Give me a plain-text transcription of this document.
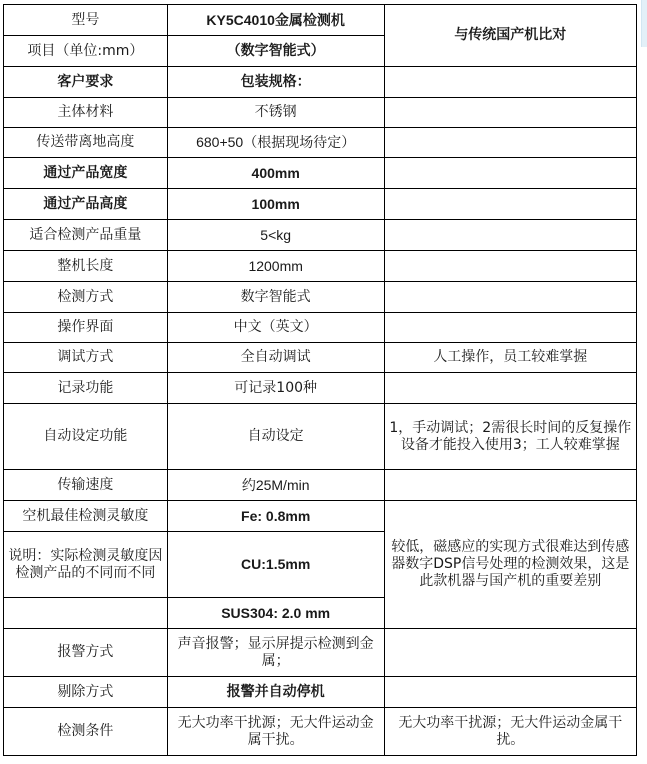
型号	KY5C4010金属检测机	与传统国产机比对
项目（单位:mm）	（数字智能式）	
客户要求	包装规格：	
主体材料	不锈钢	
传送带离地高度	680+50（根据现场待定）	
通过产品宽度	400mm	
通过产品高度	100mm	
适合检测产品重量	5<kg	
整机长度	1200mm	
检测方式	数字智能式	
操作界面	中文（英文）	
调试方式	全自动调试	人工操作，员工较难掌握
记录功能	可记录100种	
自动设定功能	自动设定	1，手动调试；2需很长时间的反复操作设备才能投入使用3；工人较难掌握
传输速度	约25M/min	
空机最佳检测灵敏度	Fe: 0.8mm	较低，磁感应的实现方式很难达到传感器数字DSP信号处理的检测效果，这是此款机器与国产机的重要差别
说明：实际检测灵敏度因检测产品的不同而不同	CU:1.5mm	
	SUS304: 2.0 mm	
报警方式	声音报警；显示屏提示检测到金属；	
剔除方式	报警并自动停机	
检测条件	无大功率干扰源；无大件运动金属干扰。	无大功率干扰源；无大件运动金属干扰。
